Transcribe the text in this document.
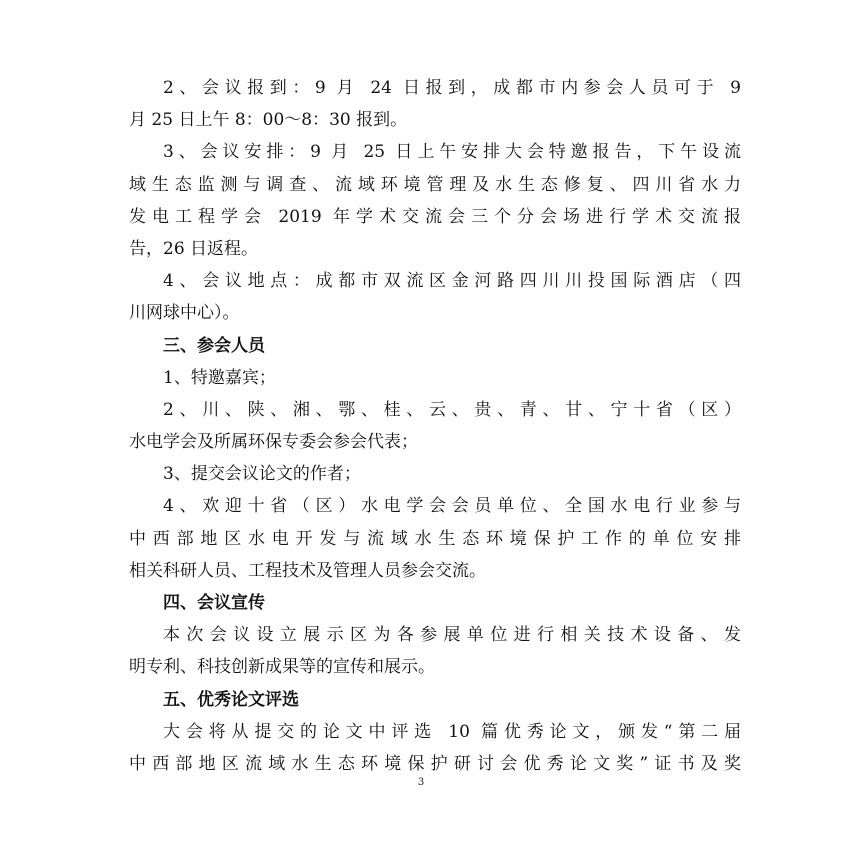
2、会议报到：9 月 24 日报到，成都市内参会人员可于 9
月 25 日上午 8：00～8：30 报到。
3、会议安排：9 月 25 日上午安排大会特邀报告，下午设流
域生态监测与调查、流域环境管理及水生态修复、四川省水力
发电工程学会 2019 年学术交流会三个分会场进行学术交流报
告，26 日返程。
4、会议地点：成都市双流区金河路四川川投国际酒店（四
川网球中心）。
三、参会人员
1、特邀嘉宾；
2、川、陕、湘、鄂、桂、云、贵、青、甘、宁十省（区）
水电学会及所属环保专委会参会代表；
3、提交会议论文的作者；
4、欢迎十省（区）水电学会会员单位、全国水电行业参与
中西部地区水电开发与流域水生态环境保护工作的单位安排
相关科研人员、工程技术及管理人员参会交流。
四、会议宣传
本次会议设立展示区为各参展单位进行相关技术设备、发
明专利、科技创新成果等的宣传和展示。
五、优秀论文评选
大会将从提交的论文中评选 10 篇优秀论文，颁发“第二届
中西部地区流域水生态环境保护研讨会优秀论文奖”证书及奖
3
